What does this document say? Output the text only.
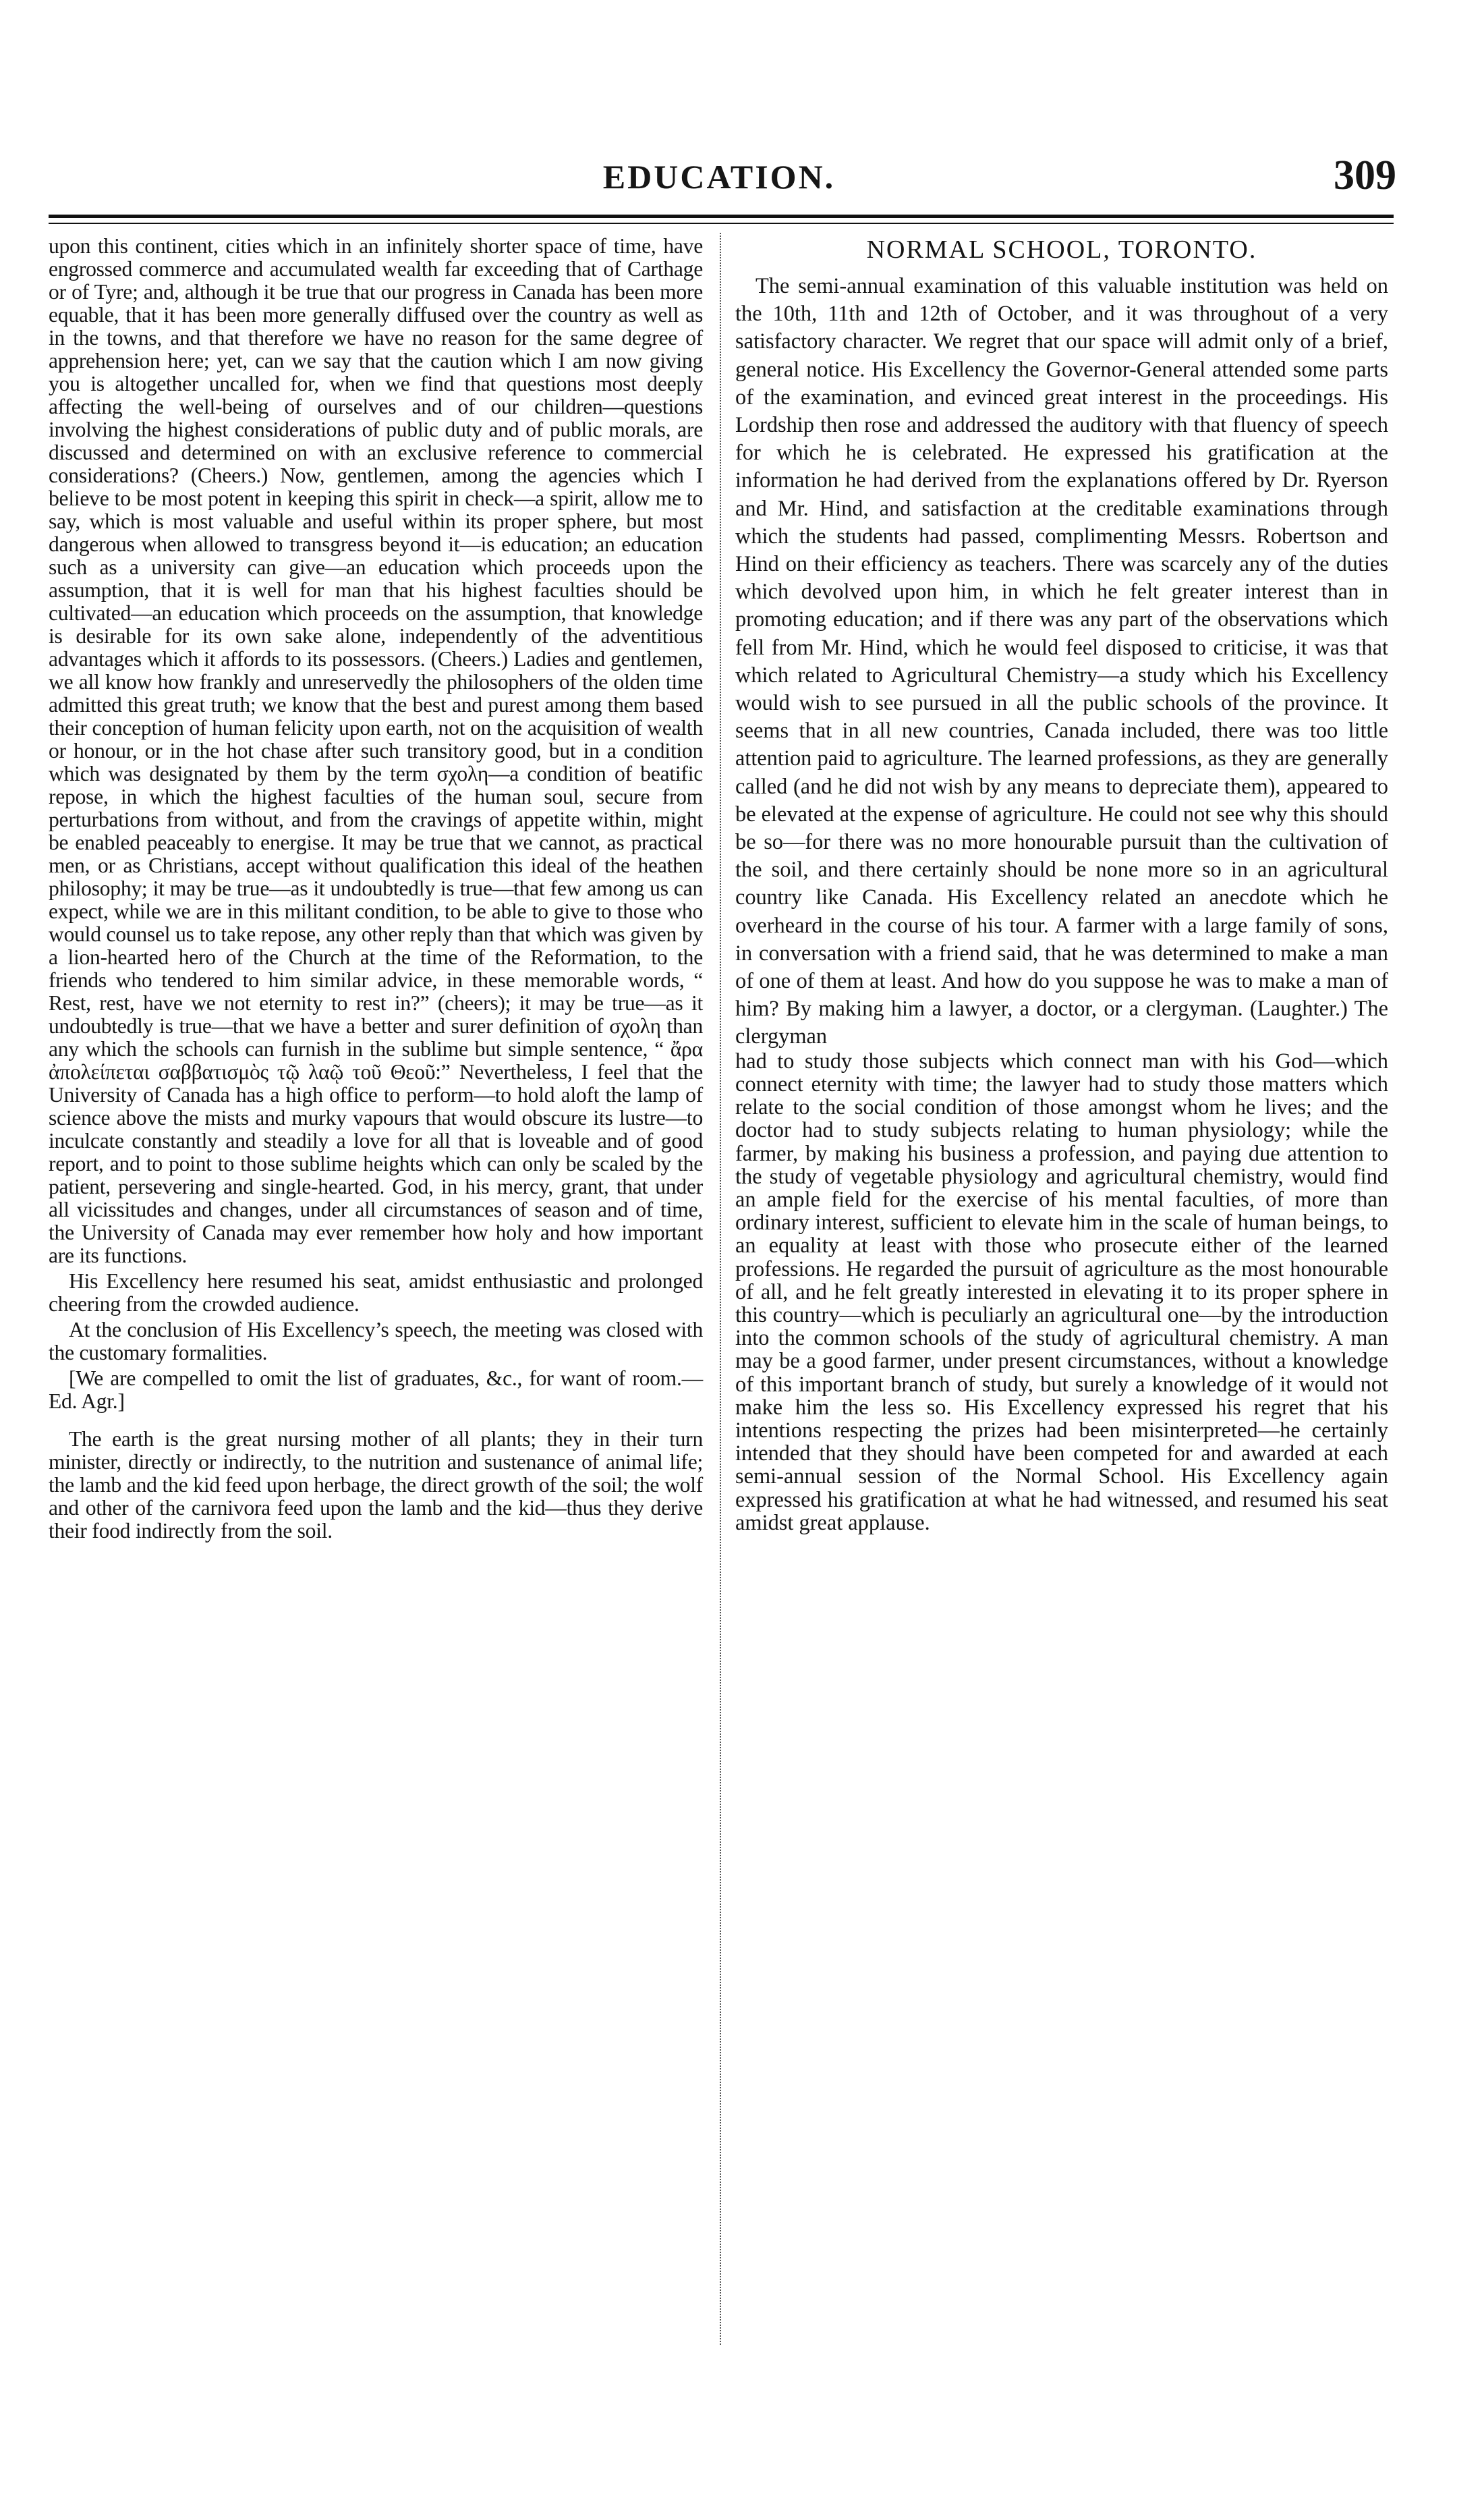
EDUCATION.	309

upon this continent, cities which in an infinitely shorter space of time, have engrossed commerce and accumulated wealth far exceeding that of Carthage or of Tyre; and, although it be true that our progress in Canada has been more equable, that it has been more generally diffused over the country as well as in the towns, and that therefore we have no reason for the same degree of apprehension here; yet, can we say that the caution which I am now giving you is altogether uncalled for, when we find that questions most deeply affecting the well-being of ourselves and of our children—questions involving the highest considerations of public duty and of public morals, are discussed and determined on with an exclusive reference to commercial considerations? (Cheers.) Now, gentlemen, among the agencies which I believe to be most potent in keeping this spirit in check—a spirit, allow me to say, which is most valuable and useful within its proper sphere, but most dangerous when allowed to transgress beyond it—is education; an education such as a university can give—an education which proceeds upon the assumption, that it is well for man that his highest faculties should be cultivated—an education which proceeds on the assumption, that knowledge is desirable for its own sake alone, independently of the adventitious advantages which it affords to its possessors. (Cheers.) Ladies and gentlemen, we all know how frankly and unreservedly the philosophers of the olden time admitted this great truth; we know that the best and purest among them based their conception of human felicity upon earth, not on the acquisition of wealth or honour, or in the hot chase after such transitory good, but in a condition which was designated by them by the term σχολη—a condition of beatific repose, in which the highest faculties of the human soul, secure from perturbations from without, and from the cravings of appetite within, might be enabled peaceably to energise. It may be true that we cannot, as practical men, or as Christians, accept without qualification this ideal of the heathen philosophy; it may be true—as it undoubtedly is true—that few among us can expect, while we are in this militant condition, to be able to give to those who would counsel us to take repose, any other reply than that which was given by a lion-hearted hero of the Church at the time of the Reformation, to the friends who tendered to him similar advice, in these memorable words, “ Rest, rest, have we not eternity to rest in?” (cheers); it may be true—as it undoubtedly is true—that we have a better and surer definition of σχολη than any which the schools can furnish in the sublime but simple sentence, “ ἄρα ἀπολείπεται σαββατισμὸς τῷ λαῷ τοῦ Θεοῦ:” Nevertheless, I feel that the University of Canada has a high office to perform—to hold aloft the lamp of science above the mists and murky vapours that would obscure its lustre—to inculcate constantly and steadily a love for all that is loveable and of good report, and to point to those sublime heights which can only be scaled by the patient, persevering and single-hearted. God, in his mercy, grant, that under all vicissitudes and changes, under all circumstances of season and of time, the University of Canada may ever remember how holy and how important are its functions.

His Excellency here resumed his seat, amidst enthusiastic and prolonged cheering from the crowded audience.

At the conclusion of His Excellency’s speech, the meeting was closed with the customary formalities.

[We are compelled to omit the list of graduates, &c., for want of room.—Ed. Agr.]

The earth is the great nursing mother of all plants; they in their turn minister, directly or indirectly, to the nutrition and sustenance of animal life; the lamb and the kid feed upon herbage, the direct growth of the soil; the wolf and other of the carnivora feed upon the lamb and the kid—thus they derive their food indirectly from the soil.

NORMAL SCHOOL, TORONTO.

The semi-annual examination of this valuable institution was held on the 10th, 11th and 12th of October, and it was throughout of a very satisfactory character. We regret that our space will admit only of a brief, general notice. His Excellency the Governor-General attended some parts of the examination, and evinced great interest in the proceedings. His Lordship then rose and addressed the auditory with that fluency of speech for which he is celebrated. He expressed his gratification at the information he had derived from the explanations offered by Dr. Ryerson and Mr. Hind, and satisfaction at the creditable examinations through which the students had passed, complimenting Messrs. Robertson and Hind on their efficiency as teachers. There was scarcely any of the duties which devolved upon him, in which he felt greater interest than in promoting education; and if there was any part of the observations which fell from Mr. Hind, which he would feel disposed to criticise, it was that which related to Agricultural Chemistry—a study which his Excellency would wish to see pursued in all the public schools of the province. It seems that in all new countries, Canada included, there was too little attention paid to agriculture. The learned professions, as they are generally called (and he did not wish by any means to depreciate them), appeared to be elevated at the expense of agriculture. He could not see why this should be so—for there was no more honourable pursuit than the cultivation of the soil, and there certainly should be none more so in an agricultural country like Canada. His Excellency related an anecdote which he overheard in the course of his tour. A farmer with a large family of sons, in conversation with a friend said, that he was determined to make a man of one of them at least. And how do you suppose he was to make a man of him? By making him a lawyer, a doctor, or a clergyman. (Laughter.) The clergyman

had to study those subjects which connect man with his God—which connect eternity with time; the lawyer had to study those matters which relate to the social condition of those amongst whom he lives; and the doctor had to study subjects relating to human physiology; while the farmer, by making his business a profession, and paying due attention to the study of vegetable physiology and agricultural chemistry, would find an ample field for the exercise of his mental faculties, of more than ordinary interest, sufficient to elevate him in the scale of human beings, to an equality at least with those who prosecute either of the learned professions. He regarded the pursuit of agriculture as the most honourable of all, and he felt greatly interested in elevating it to its proper sphere in this country—which is peculiarly an agricultural one—by the introduction into the common schools of the study of agricultural chemistry. A man may be a good farmer, under present circumstances, without a knowledge of this important branch of study, but surely a knowledge of it would not make him the less so. His Excellency expressed his regret that his intentions respecting the prizes had been misinterpreted—he certainly intended that they should have been competed for and awarded at each semi-annual session of the Normal School. His Excellency again expressed his gratification at what he had witnessed, and resumed his seat amidst great applause.
